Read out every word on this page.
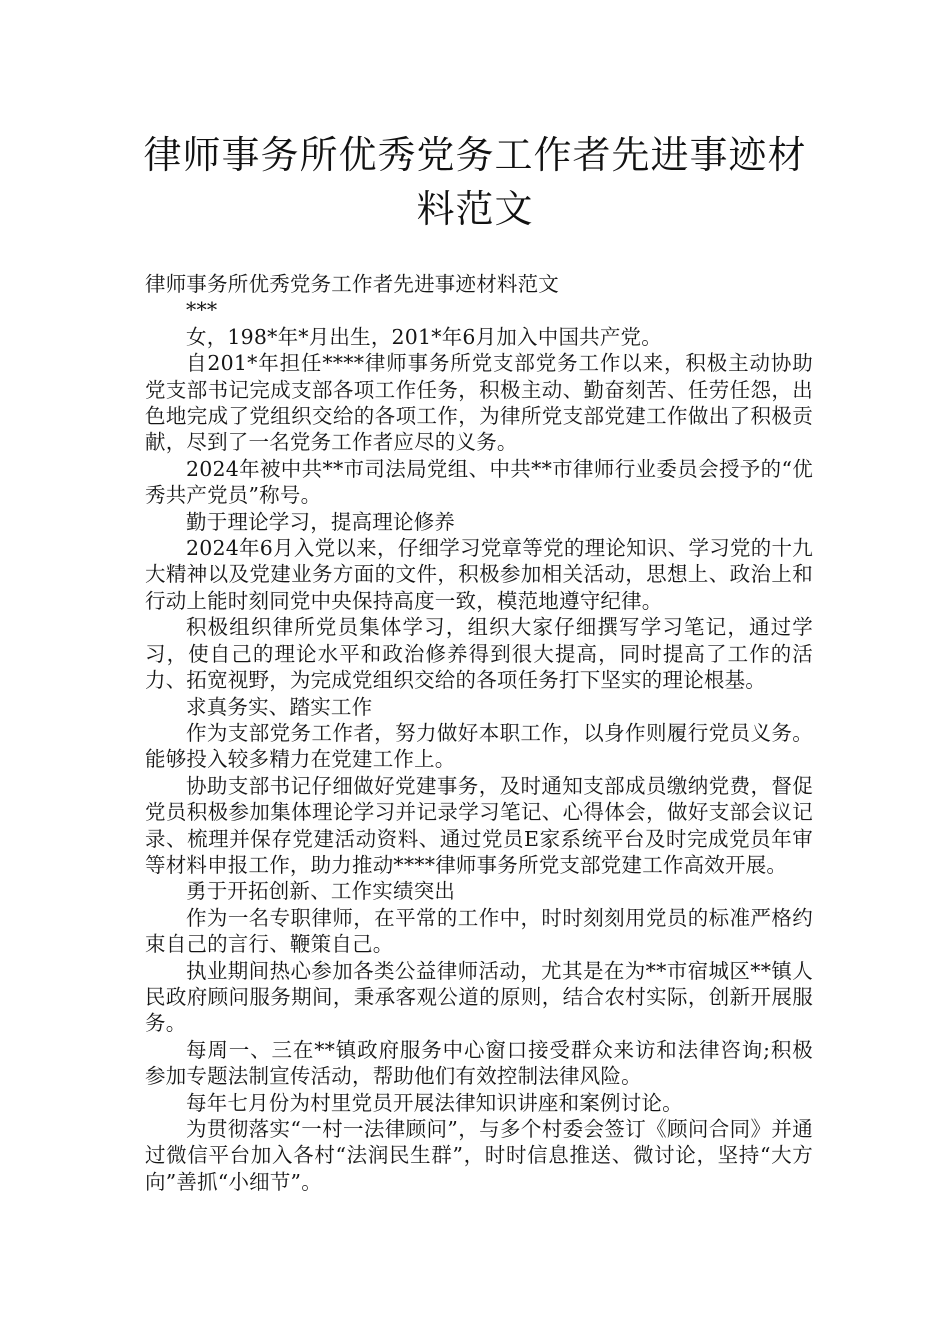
律师事务所优秀党务工作者先进事迹材料范文

律师事务所优秀党务工作者先进事迹材料范文

***

女，198*年*月出生，201*年6月加入中国共产党。

自201*年担任****律师事务所党支部党务工作以来，积极主动协助党支部书记完成支部各项工作任务，积极主动、勤奋刻苦、任劳任怨，出色地完成了党组织交给的各项工作，为律所党支部党建工作做出了积极贡献，尽到了一名党务工作者应尽的义务。

2024年被中共**市司法局党组、中共**市律师行业委员会授予的“优秀共产党员”称号。

勤于理论学习，提高理论修养

2024年6月入党以来，仔细学习党章等党的理论知识、学习党的十九大精神以及党建业务方面的文件，积极参加相关活动，思想上、政治上和行动上能时刻同党中央保持高度一致，模范地遵守纪律。

积极组织律所党员集体学习，组织大家仔细撰写学习笔记，通过学习，使自己的理论水平和政治修养得到很大提高，同时提高了工作的活力、拓宽视野，为完成党组织交给的各项任务打下坚实的理论根基。

求真务实、踏实工作

作为支部党务工作者，努力做好本职工作，以身作则履行党员义务。能够投入较多精力在党建工作上。

协助支部书记仔细做好党建事务，及时通知支部成员缴纳党费，督促党员积极参加集体理论学习并记录学习笔记、心得体会，做好支部会议记录、梳理并保存党建活动资料、通过党员E家系统平台及时完成党员年审等材料申报工作，助力推动****律师事务所党支部党建工作高效开展。

勇于开拓创新、工作实绩突出

作为一名专职律师，在平常的工作中，时时刻刻用党员的标准严格约束自己的言行、鞭策自己。

执业期间热心参加各类公益律师活动，尤其是在为**市宿城区**镇人民政府顾问服务期间，秉承客观公道的原则，结合农村实际，创新开展服务。

每周一、三在**镇政府服务中心窗口接受群众来访和法律咨询;积极参加专题法制宣传活动，帮助他们有效控制法律风险。

每年七月份为村里党员开展法律知识讲座和案例讨论。

为贯彻落实“一村一法律顾问”，与多个村委会签订《顾问合同》并通过微信平台加入各村“法润民生群”，时时信息推送、微讨论，坚持“大方向”善抓“小细节”。
